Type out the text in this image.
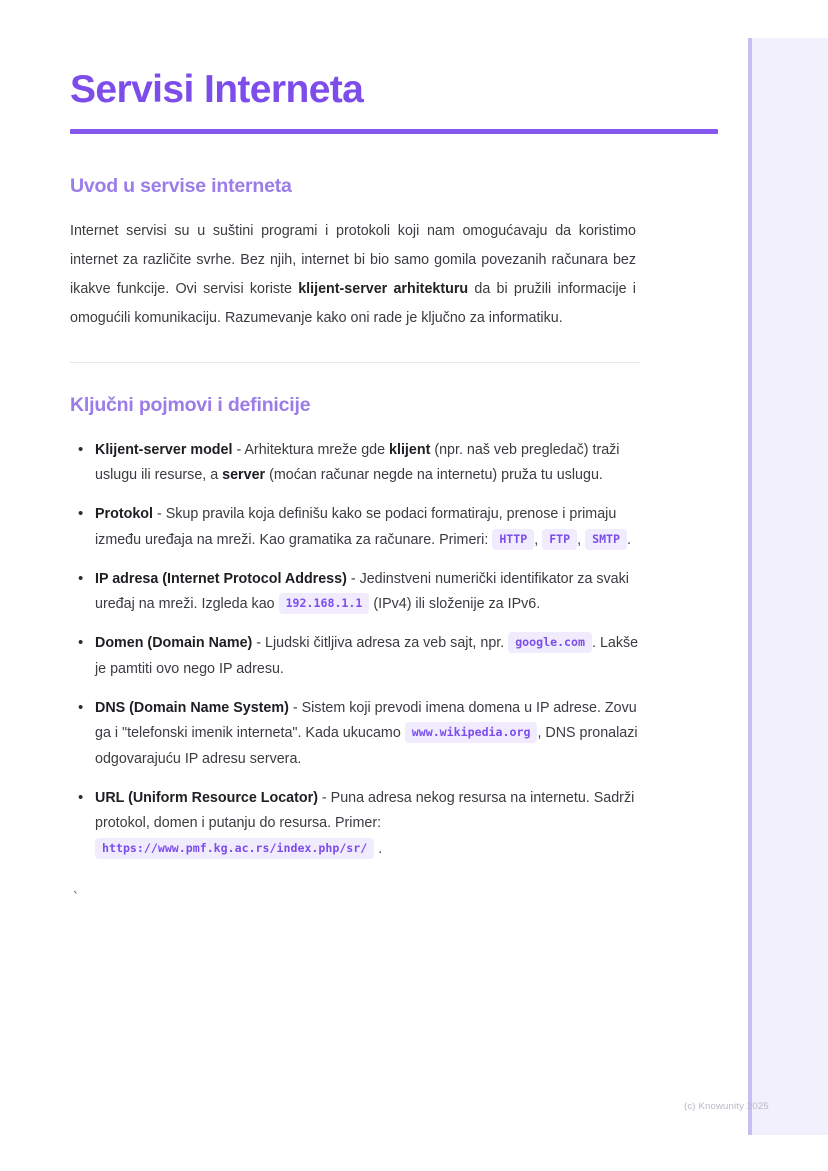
Servisi Interneta
Uvod u servise interneta

Internet servisi su u suštini programi i protokoli koji nam omogućavaju da koristimo internet za različite svrhe. Bez njih, internet bi bio samo gomila povezanih računara bez ikakve funkcije. Ovi servisi koriste klijent-server arhitekturu da bi pružili informacije i omogućili komunikaciju. Razumevanje kako oni rade je ključno za informatiku.

Ključni pojmovi i definicije
• Klijent-server model - Arhitektura mreže gde klijent (npr. naš veb pregledač) traži uslugu ili resurse, a server (moćan računar negde na internetu) pruža tu uslugu.
• Protokol - Skup pravila koja definišu kako se podaci formatiraju, prenose i primaju između uređaja na mreži. Kao gramatika za računare. Primeri: HTTP , FTP , SMTP .
• IP adresa (Internet Protocol Address) - Jedinstveni numerički identifikator za svaki uređaj na mreži. Izgleda kao 192.168.1.1 (IPv4) ili složenije za IPv6.
• Domen (Domain Name) - Ljudski čitljiva adresa za veb sajt, npr. google.com . Lakše je pamtiti ovo nego IP adresu.
• DNS (Domain Name System) - Sistem koji prevodi imena domena u IP adrese. Zovu ga i "telefonski imenik interneta". Kada ukucamo www.wikipedia.org , DNS pronalazi odgovarajuću IP adresu servera.
• URL (Uniform Resource Locator) - Puna adresa nekog resursa na internetu. Sadrži protokol, domen i putanju do resursa. Primer: https://www.pmf.kg.ac.rs/index.php/sr/ .
`
(c) Knowunity 2025
